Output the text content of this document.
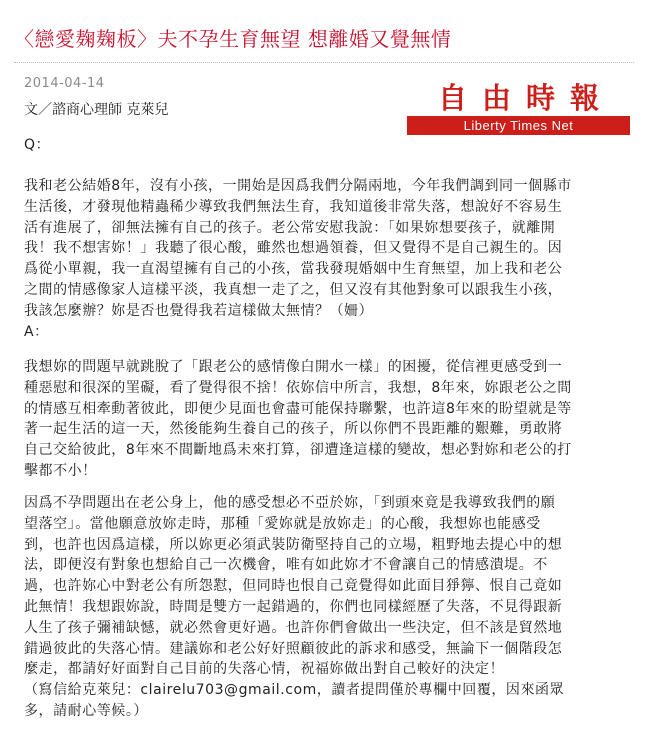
〈戀愛麹麹板〉夫不孕生育無望 想離婚又覺無情
2014-04-14
文／諮商心理師 克萊兒	自由時報
Liberty Times Net

Q：

我和老公結婚8年，沒有小孩，一開始是因爲我們分隔兩地，今年我們調到同一個縣市
生活後，才發現他精蟲稀少導致我們無法生育，我知道後非常失落，想說好不容易生
活有進展了，卻無法擁有自己的孩子。老公常安慰我說：「如果妳想要孩子，就離開
我！我不想害妳！」我聽了很心酸，雖然也想過領養，但又覺得不是自己親生的。因
爲從小單親，我一直渴望擁有自己的小孩，當我發現婚姻中生育無望，加上我和老公
之間的情感像家人這樣平淡，我真想一走了之，但又沒有其他對象可以跟我生小孩，
我該怎麼辦？妳是否也覺得我若這樣做太無情？（姍）

A：

我想妳的問題早就跳脫了「跟老公的感情像白開水一樣」的困擾，從信裡更感受到一
種惡慰和很深的罣礙，看了覺得很不捨！依妳信中所言，我想，8年來，妳跟老公之間
的情感互相牽動著彼此，即便少見面也會盡可能保持聯繫，也許這8年來的盼望就是等
著一起生活的這一天，然後能夠生養自己的孩子，所以你們不畏距離的艱難，勇敢將
自己交給彼此，8年來不間斷地爲未來打算，卻遭逢這樣的變故，想必對妳和老公的打
擊都不小！

因爲不孕問題出在老公身上，他的感受想必不亞於妳，「到頭來竟是我導致我們的願
望落空」。當他願意放妳走時，那種「愛妳就是放妳走」的心酸，我想妳也能感受
到，也許也因爲這樣，所以妳更必須武裝防衛堅持自己的立場，粗野地去提心中的想
法，即便沒有對象也想給自己一次機會，唯有如此妳才不會讓自己的情感潰堤。不
過，也許妳心中對老公有所怨懟，但同時也恨自己竟覺得如此面目猙獰、恨自己竟如
此無情！我想跟妳說，時間是雙方一起錯過的，你們也同樣經歷了失落，不見得跟新
人生了孩子彌補缺憾，就必然會更好過。也許你們會做出一些決定，但不該是貿然地
錯過彼此的失落心情。建議妳和老公好好照顧彼此的訴求和感受，無論下一個階段怎
麼走，都請好好面對自己目前的失落心情，祝福妳做出對自己較好的決定！

（寫信給克萊兒：clairelu703@gmail.com，讀者提問僅於專欄中回覆，因來函眾
多，請耐心等候。）
